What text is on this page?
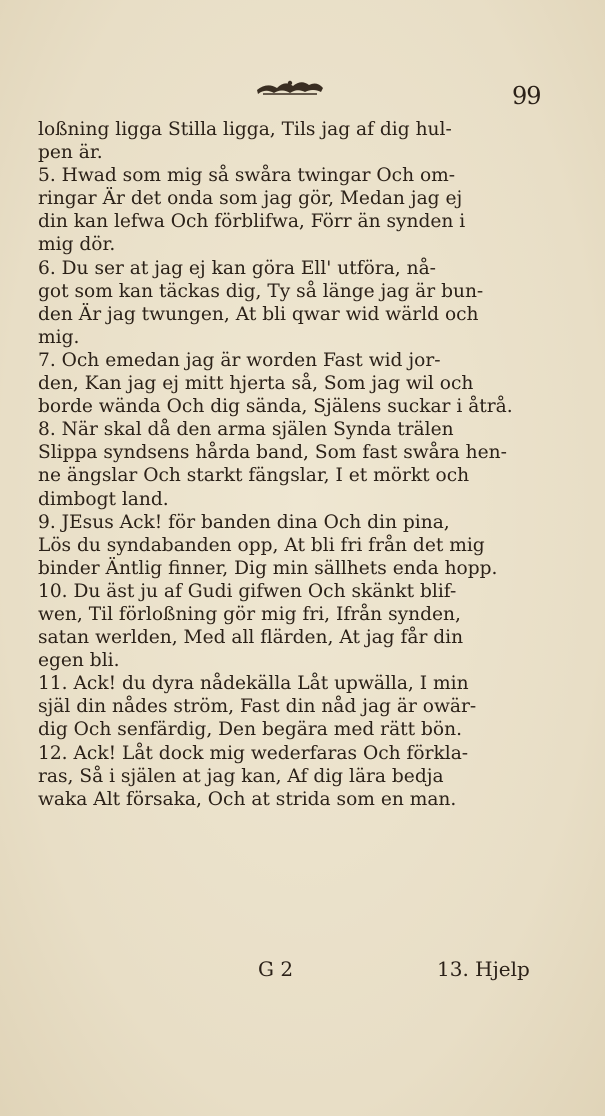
99
loßning ligga Stilla ligga, Tils jag af dig hul-
pen är.
5. Hwad som mig så swåra twingar Och om-
ringar Är det onda som jag gör, Medan jag ej
din kan lefwa Och förblifwa, Förr än synden i
mig dör.
6. Du ser at jag ej kan göra Ell' utföra, nå-
got som kan täckas dig, Ty så länge jag är bun-
den Är jag twungen, At bli qwar wid wärld och
mig.
7. Och emedan jag är worden Fast wid jor-
den, Kan jag ej mitt hjerta så, Som jag wil och
borde wända Och dig sända, Själens suckar i åtrå.
8. När skal då den arma själen Synda trälen
Slippa syndsens hårda band, Som fast swåra hen-
ne ängslar Och starkt fängslar, I et mörkt och
dimbogt land.
9. JEsus Ack! för banden dina Och din pina,
Lös du syndabanden opp, At bli fri från det mig
binder Äntlig finner, Dig min sällhets enda hopp.
10. Du äst ju af Gudi gifwen Och skänkt blif-
wen, Til förloßning gör mig fri, Ifrån synden,
satan werlden, Med all flärden, At jag får din
egen bli.
11. Ack! du dyra nådekälla Låt upwälla, I min
själ din nådes ström, Fast din nåd jag är owär-
dig Och senfärdig, Den begära med rätt bön.
12. Ack! Låt dock mig wederfaras Och förkla-
ras, Så i själen at jag kan, Af dig lära bedja
waka Alt försaka, Och at strida som en man.
G 2	13. Hjelp
